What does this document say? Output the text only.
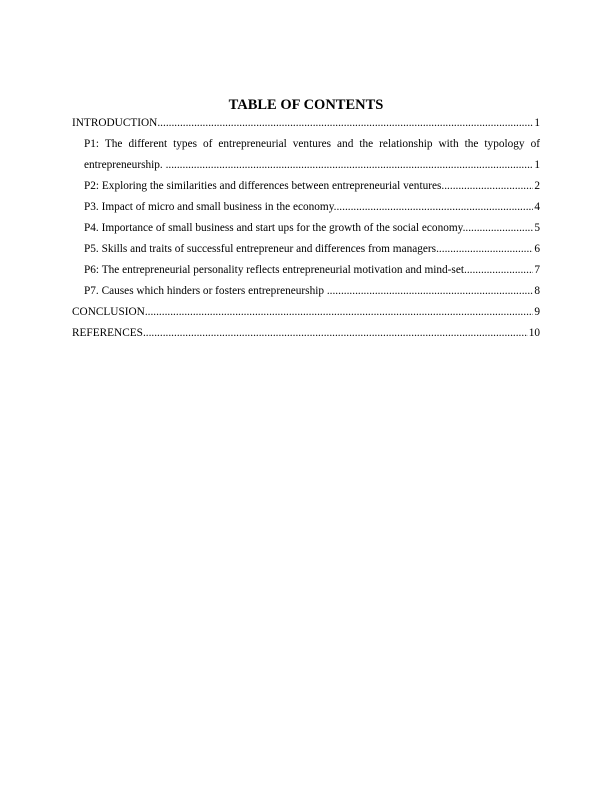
TABLE OF CONTENTS
INTRODUCTION .....	1
P1: The different types of entrepreneurial ventures and the relationship with the typology of
entrepreneurship. .....	1
P2: Exploring the similarities and differences between entrepreneurial ventures .....	2
P3. Impact of micro and small business in the economy .....	4
P4. Importance of small business and start ups for the growth of the social economy .....	5
P5. Skills and traits of successful entrepreneur and differences from managers .....	6
P6: The entrepreneurial personality reflects entrepreneurial motivation and mind-set .....	7
P7. Causes which hinders or fosters entrepreneurship .....	8
CONCLUSION .....	9
REFERENCES .....	10
